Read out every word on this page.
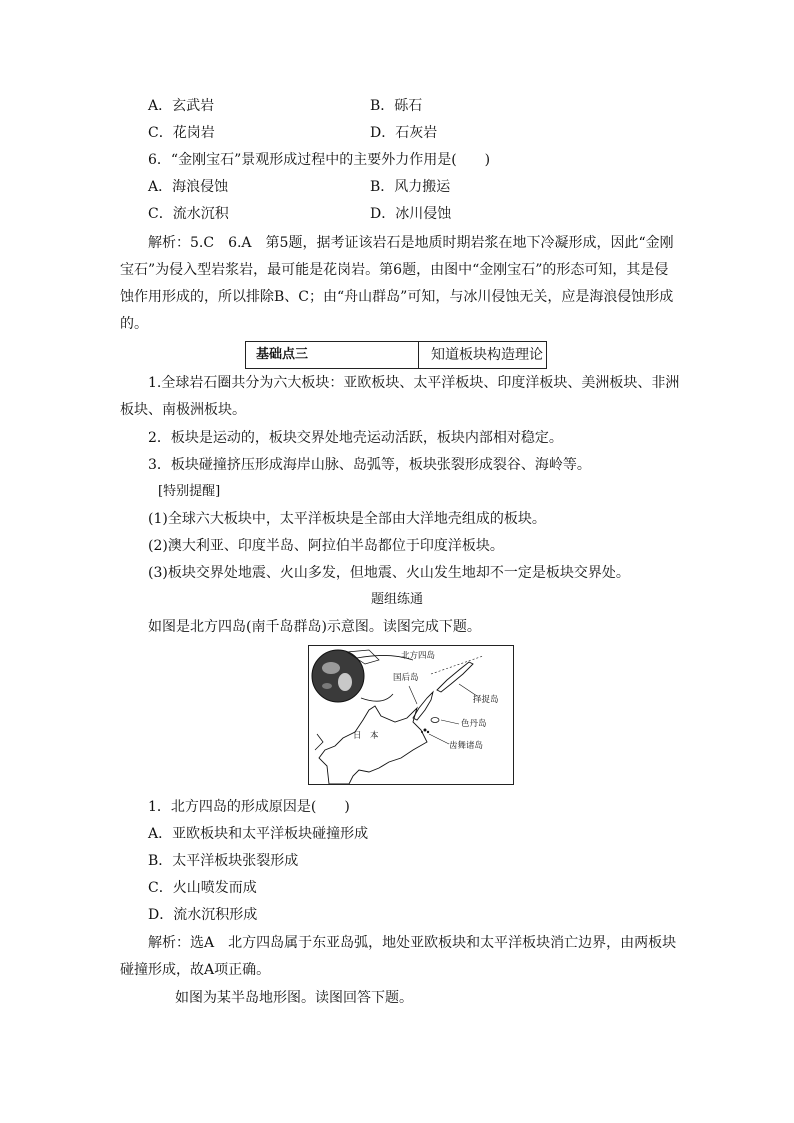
A．玄武岩	B．砾石
C．花岗岩	D．石灰岩
6．“金刚宝石”景观形成过程中的主要外力作用是(　　)
A．海浪侵蚀	B．风力搬运
C．流水沉积	D．冰川侵蚀
解析：5.C　6.A　第5题，据考证该岩石是地质时期岩浆在地下冷凝形成，因此“金刚宝石”为侵入型岩浆岩，最可能是花岗岩。第6题，由图中“金刚宝石”的形态可知，其是侵蚀作用形成的，所以排除B、C；由“舟山群岛”可知，与冰川侵蚀无关，应是海浪侵蚀形成的。
基础点三	知道板块构造理论
1.全球岩石圈共分为六大板块：亚欧板块、太平洋板块、印度洋板块、美洲板块、非洲板块、南极洲板块。
2．板块是运动的，板块交界处地壳运动活跃，板块内部相对稳定。
3．板块碰撞挤压形成海岸山脉、岛弧等，板块张裂形成裂谷、海岭等。
[特别提醒]
(1)全球六大板块中，太平洋板块是全部由大洋地壳组成的板块。
(2)澳大利亚、印度半岛、阿拉伯半岛都位于印度洋板块。
(3)板块交界处地震、火山多发，但地震、火山发生地却不一定是板块交界处。
题组练通
如图是北方四岛(南千岛群岛)示意图。读图完成下题。
北方四岛
国后岛
择捉岛
色丹岛
齿舞诸岛
日　本
1．北方四岛的形成原因是(　　)
A．亚欧板块和太平洋板块碰撞形成
B．太平洋板块张裂形成
C．火山喷发而成
D．流水沉积形成
解析：选A　北方四岛属于东亚岛弧，地处亚欧板块和太平洋板块消亡边界，由两板块碰撞形成，故A项正确。
如图为某半岛地形图。读图回答下题。
